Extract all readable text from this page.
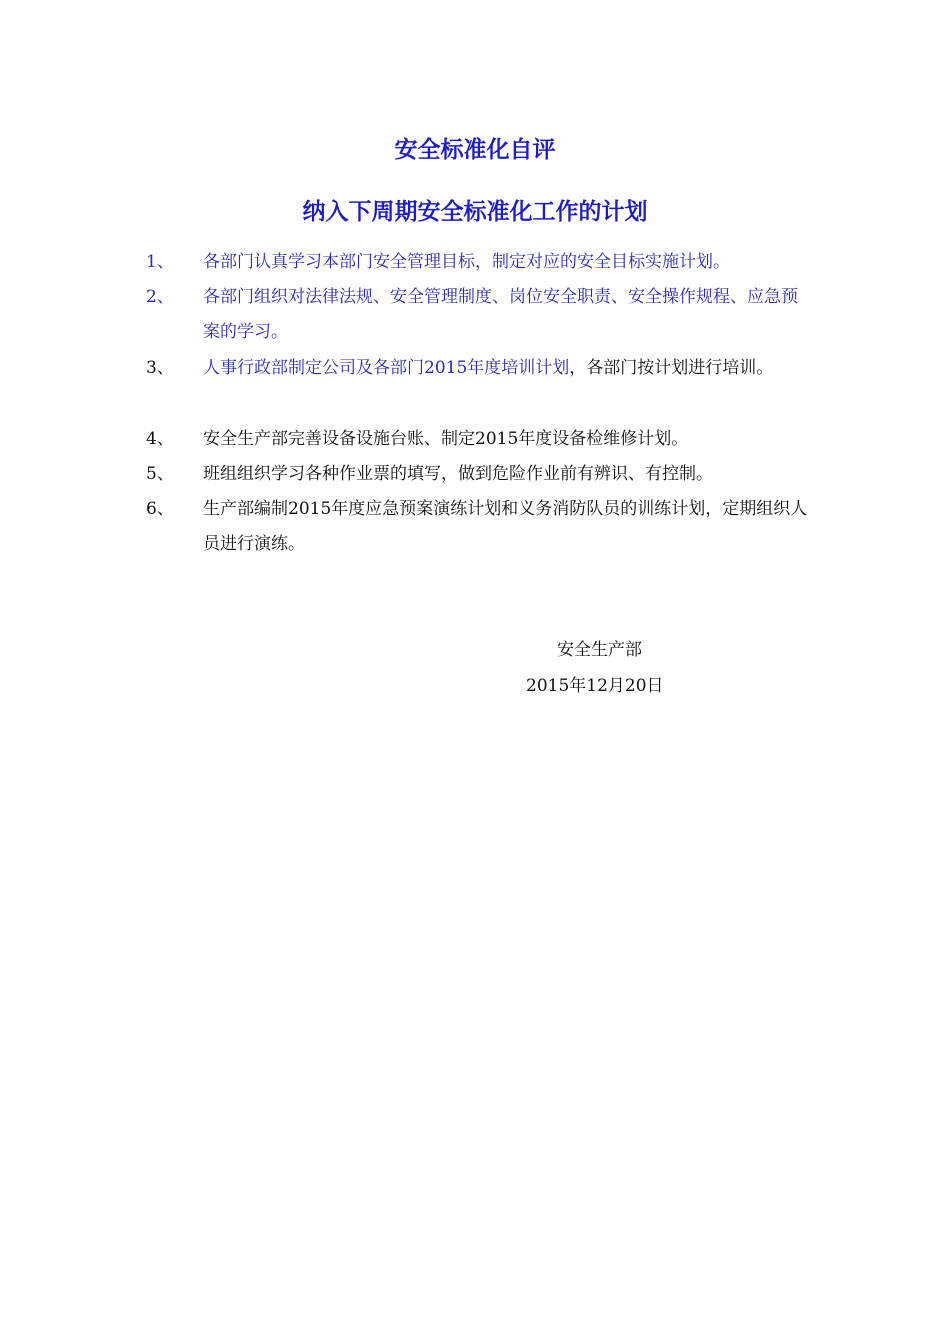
安全标准化自评
纳入下周期安全标准化工作的计划
1、 各部门认真学习本部门安全管理目标，制定对应的安全目标实施计划。
2、 各部门组织对法律法规、安全管理制度、岗位安全职责、安全操作规程、应急预案的学习。
3、 人事行政部制定公司及各部门2015年度培训计划，各部门按计划进行培训。
4、 安全生产部完善设备设施台账、制定2015年度设备检维修计划。
5、 班组组织学习各种作业票的填写，做到危险作业前有辨识、有控制。
6、 生产部编制2015年度应急预案演练计划和义务消防队员的训练计划，定期组织人员进行演练。
安全生产部
2015年12月20日
